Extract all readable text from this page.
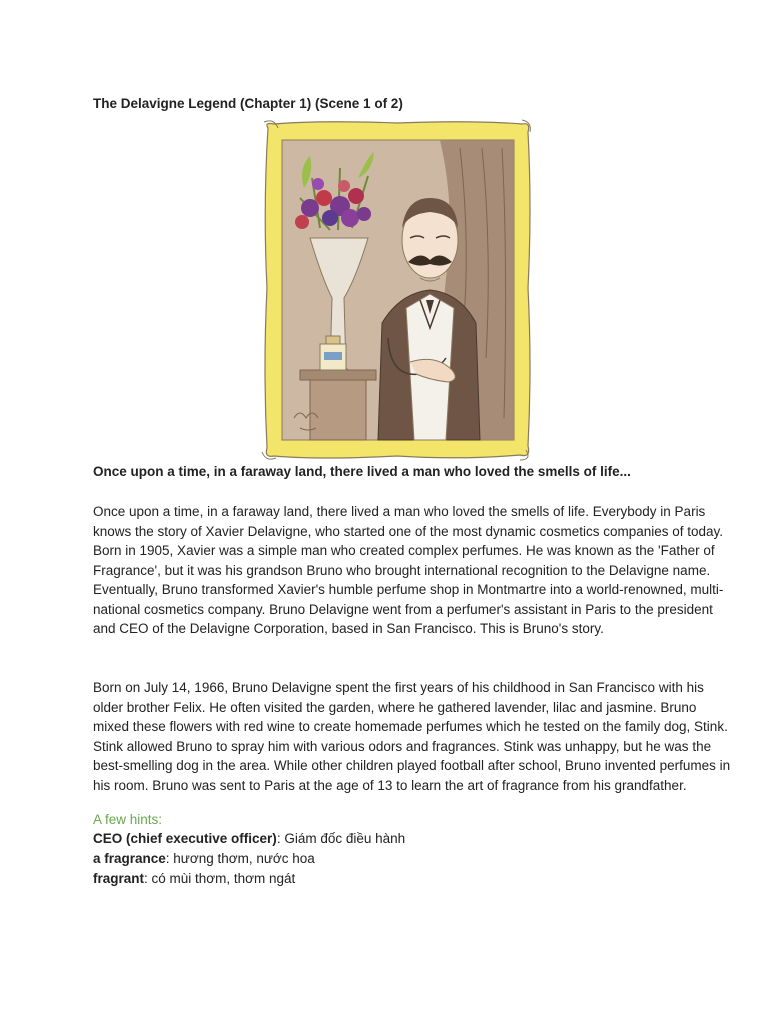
The Delavigne Legend (Chapter 1) (Scene 1 of 2)
Once upon a time, in a faraway land, there lived a man who loved the smells of life...

Once upon a time, in a faraway land, there lived a man who loved the smells of life. Everybody in Paris knows the story of Xavier Delavigne, who started one of the most dynamic cosmetics companies of today. Born in 1905, Xavier was a simple man who created complex perfumes. He was known as the 'Father of Fragrance', but it was his grandson Bruno who brought international recognition to the Delavigne name. Eventually, Bruno transformed Xavier's humble perfume shop in Montmartre into a world-renowned, multi-national cosmetics company. Bruno Delavigne went from a perfumer's assistant in Paris to the president and CEO of the Delavigne Corporation, based in San Francisco. This is Bruno's story.

Born on July 14, 1966, Bruno Delavigne spent the first years of his childhood in San Francisco with his older brother Felix. He often visited the garden, where he gathered lavender, lilac and jasmine. Bruno mixed these flowers with red wine to create homemade perfumes which he tested on the family dog, Stink. Stink allowed Bruno to spray him with various odors and fragrances. Stink was unhappy, but he was the best-smelling dog in the area. While other children played football after school, Bruno invented perfumes in his room. Bruno was sent to Paris at the age of 13 to learn the art of fragrance from his grandfather.

A few hints:
CEO (chief executive officer): Giám đốc điều hành
a fragrance: hương thơm, nước hoa
fragrant: có mùi thơm, thơm ngát
